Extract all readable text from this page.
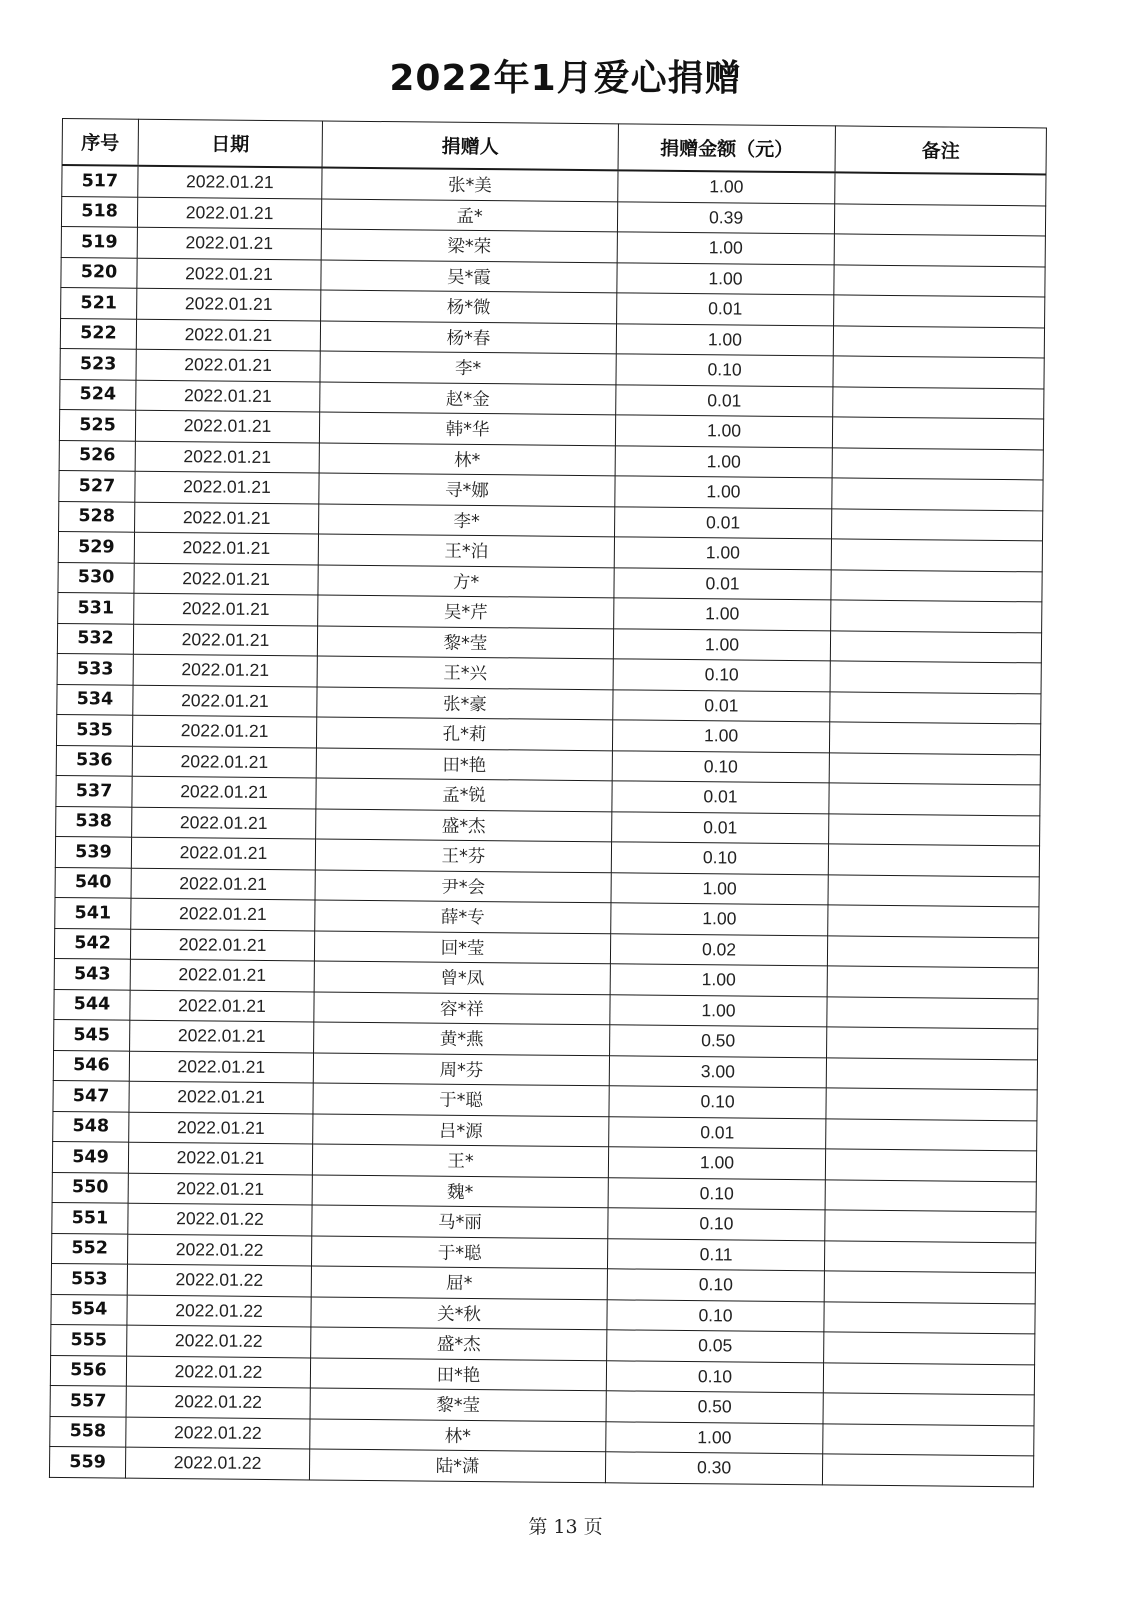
2022年1月爱心捐赠
序号	日期	捐赠人	捐赠金额（元）	备注
517	2022.01.21	张*美	1.00	
518	2022.01.21	孟*	0.39	
519	2022.01.21	梁*荣	1.00	
520	2022.01.21	吴*霞	1.00	
521	2022.01.21	杨*微	0.01	
522	2022.01.21	杨*春	1.00	
523	2022.01.21	李*	0.10	
524	2022.01.21	赵*金	0.01	
525	2022.01.21	韩*华	1.00	
526	2022.01.21	林*	1.00	
527	2022.01.21	寻*娜	1.00	
528	2022.01.21	李*	0.01	
529	2022.01.21	王*泊	1.00	
530	2022.01.21	方*	0.01	
531	2022.01.21	吴*芹	1.00	
532	2022.01.21	黎*莹	1.00	
533	2022.01.21	王*兴	0.10	
534	2022.01.21	张*豪	0.01	
535	2022.01.21	孔*莉	1.00	
536	2022.01.21	田*艳	0.10	
537	2022.01.21	孟*锐	0.01	
538	2022.01.21	盛*杰	0.01	
539	2022.01.21	王*芬	0.10	
540	2022.01.21	尹*会	1.00	
541	2022.01.21	薛*专	1.00	
542	2022.01.21	回*莹	0.02	
543	2022.01.21	曾*凤	1.00	
544	2022.01.21	容*祥	1.00	
545	2022.01.21	黄*燕	0.50	
546	2022.01.21	周*芬	3.00	
547	2022.01.21	于*聪	0.10	
548	2022.01.21	吕*源	0.01	
549	2022.01.21	王*	1.00	
550	2022.01.21	魏*	0.10	
551	2022.01.22	马*丽	0.10	
552	2022.01.22	于*聪	0.11	
553	2022.01.22	屈*	0.10	
554	2022.01.22	关*秋	0.10	
555	2022.01.22	盛*杰	0.05	
556	2022.01.22	田*艳	0.10	
557	2022.01.22	黎*莹	0.50	
558	2022.01.22	林*	1.00	
559	2022.01.22	陆*潇	0.30	
第 13 页
